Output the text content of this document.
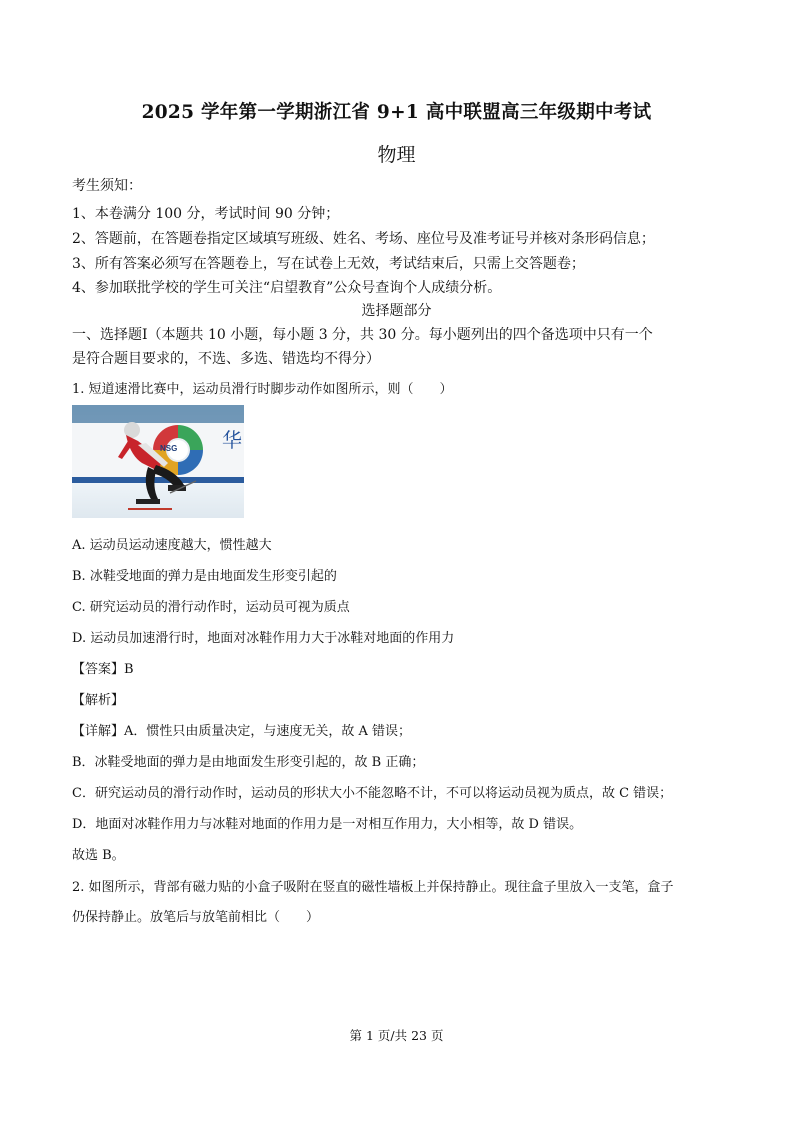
2025 学年第一学期浙江省 9+1 高中联盟高三年级期中考试
物理
考生须知：
1、本卷满分 100 分，考试时间 90 分钟；
2、答题前，在答题卷指定区域填写班级、姓名、考场、座位号及准考证号并核对条形码信息；
3、所有答案必须写在答题卷上，写在试卷上无效，考试结束后，只需上交答题卷；
4、参加联批学校的学生可关注“启望教育”公众号查询个人成绩分析。
选择题部分
一、选择题Ⅰ（本题共 10 小题，每小题 3 分，共 30 分。每小题列出的四个备选项中只有一个
是符合题目要求的，不选、多选、错选均不得分）
1. 短道速滑比赛中，运动员滑行时脚步动作如图所示，则（　　）
NSG 华
A. 运动员运动速度越大，惯性越大
B. 冰鞋受地面的弹力是由地面发生形变引起的
C. 研究运动员的滑行动作时，运动员可视为质点
D. 运动员加速滑行时，地面对冰鞋作用力大于冰鞋对地面的作用力
【答案】B
【解析】
【详解】A．惯性只由质量决定，与速度无关，故 A 错误；
B．冰鞋受地面的弹力是由地面发生形变引起的，故 B 正确；
C．研究运动员的滑行动作时，运动员的形状大小不能忽略不计，不可以将运动员视为质点，故 C 错误；
D．地面对冰鞋作用力与冰鞋对地面的作用力是一对相互作用力，大小相等，故 D 错误。
故选 B。
2. 如图所示，背部有磁力贴的小盒子吸附在竖直的磁性墙板上并保持静止。现往盒子里放入一支笔，盒子
仍保持静止。放笔后与放笔前相比（　　）
第 1 页/共 23 页
